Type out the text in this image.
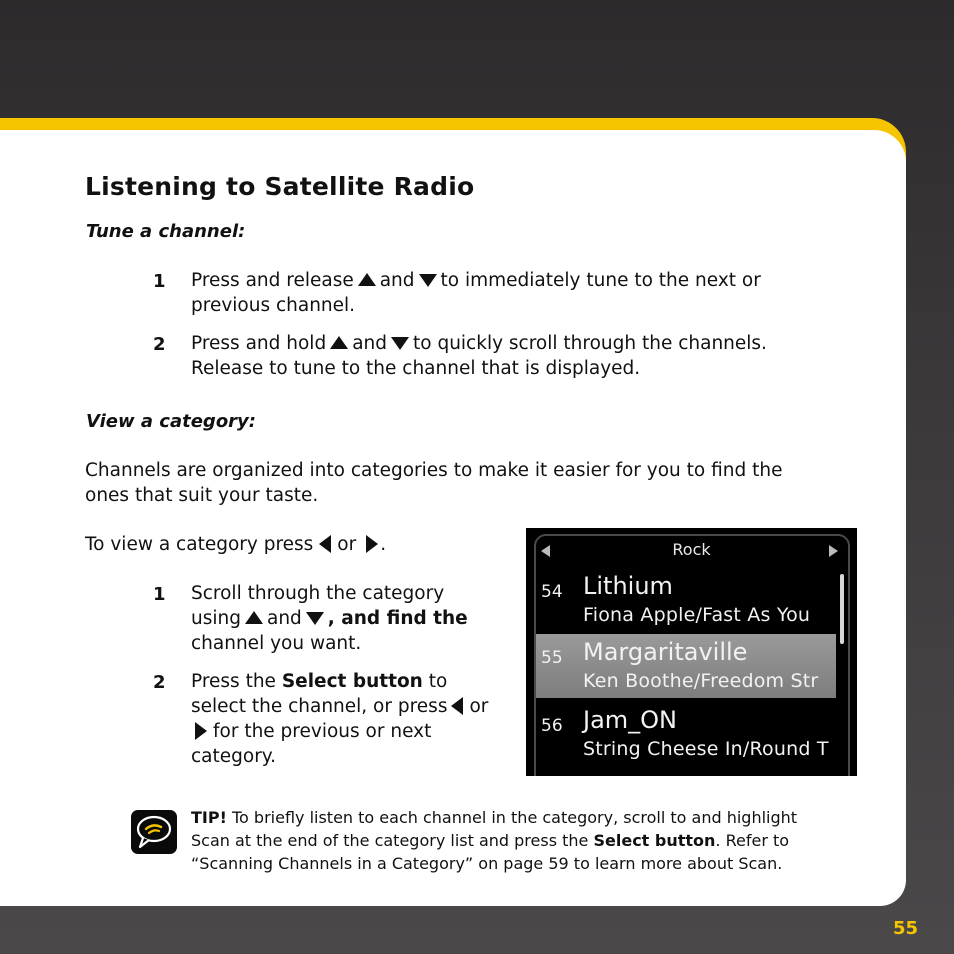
Listening to Satellite Radio
Tune a channel:
1 Press and release and to immediately tune to the next or
previous channel.
2 Press and hold and to quickly scroll through the channels.
Release to tune to the channel that is displayed.
View a category:
Channels are organized into categories to make it easier for you to find the
ones that suit your taste.
To view a category press or .
1 Scroll through the category
using and , and find the
channel you want.
2 Press the Select button to
select the channel, or press or
for the previous or next
category.
Rock
54 Lithium
Fiona Apple/Fast As You
55 Margaritaville
Ken Boothe/Freedom Str
56 Jam_ON
String Cheese In/Round T
TIP! To briefly listen to each channel in the category, scroll to and highlight
Scan at the end of the category list and press the Select button. Refer to
“Scanning Channels in a Category” on page 59 to learn more about Scan.
55
